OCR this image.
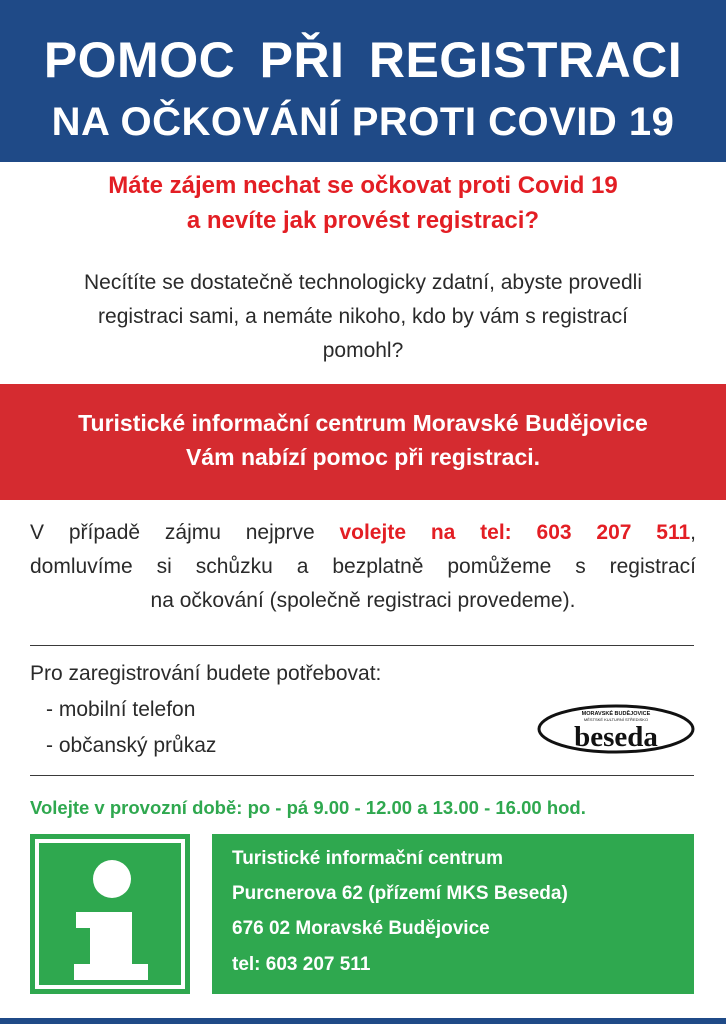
POMOC PŘI REGISTRACI
NA OČKOVÁNÍ PROTI COVID 19
Máte zájem nechat se očkovat proti Covid 19
a nevíte jak provést registraci?
Necítíte se dostatečně technologicky zdatní, abyste provedli
registraci sami, a nemáte nikoho, kdo by vám s registrací
pomohl?
Turistické informační centrum Moravské Budějovice
Vám nabízí pomoc při registraci.
V případě zájmu nejprve volejte na tel: 603 207 511,
domluvíme si schůzku a bezplatně pomůžeme s registrací
na očkování (společně registraci provedeme).
Pro zaregistrování budete potřebovat:
- mobilní telefon
- občanský průkaz
MORAVSKÉ BUDĚJOVICE
MĚSTSKÉ KULTURNÍ STŘEDISKO
beseda
Volejte v provozní době: po - pá 9.00 - 12.00 a 13.00 - 16.00 hod.
Turistické informační centrum
Purcnerova 62 (přízemí MKS Beseda)
676 02 Moravské Budějovice
tel: 603 207 511
